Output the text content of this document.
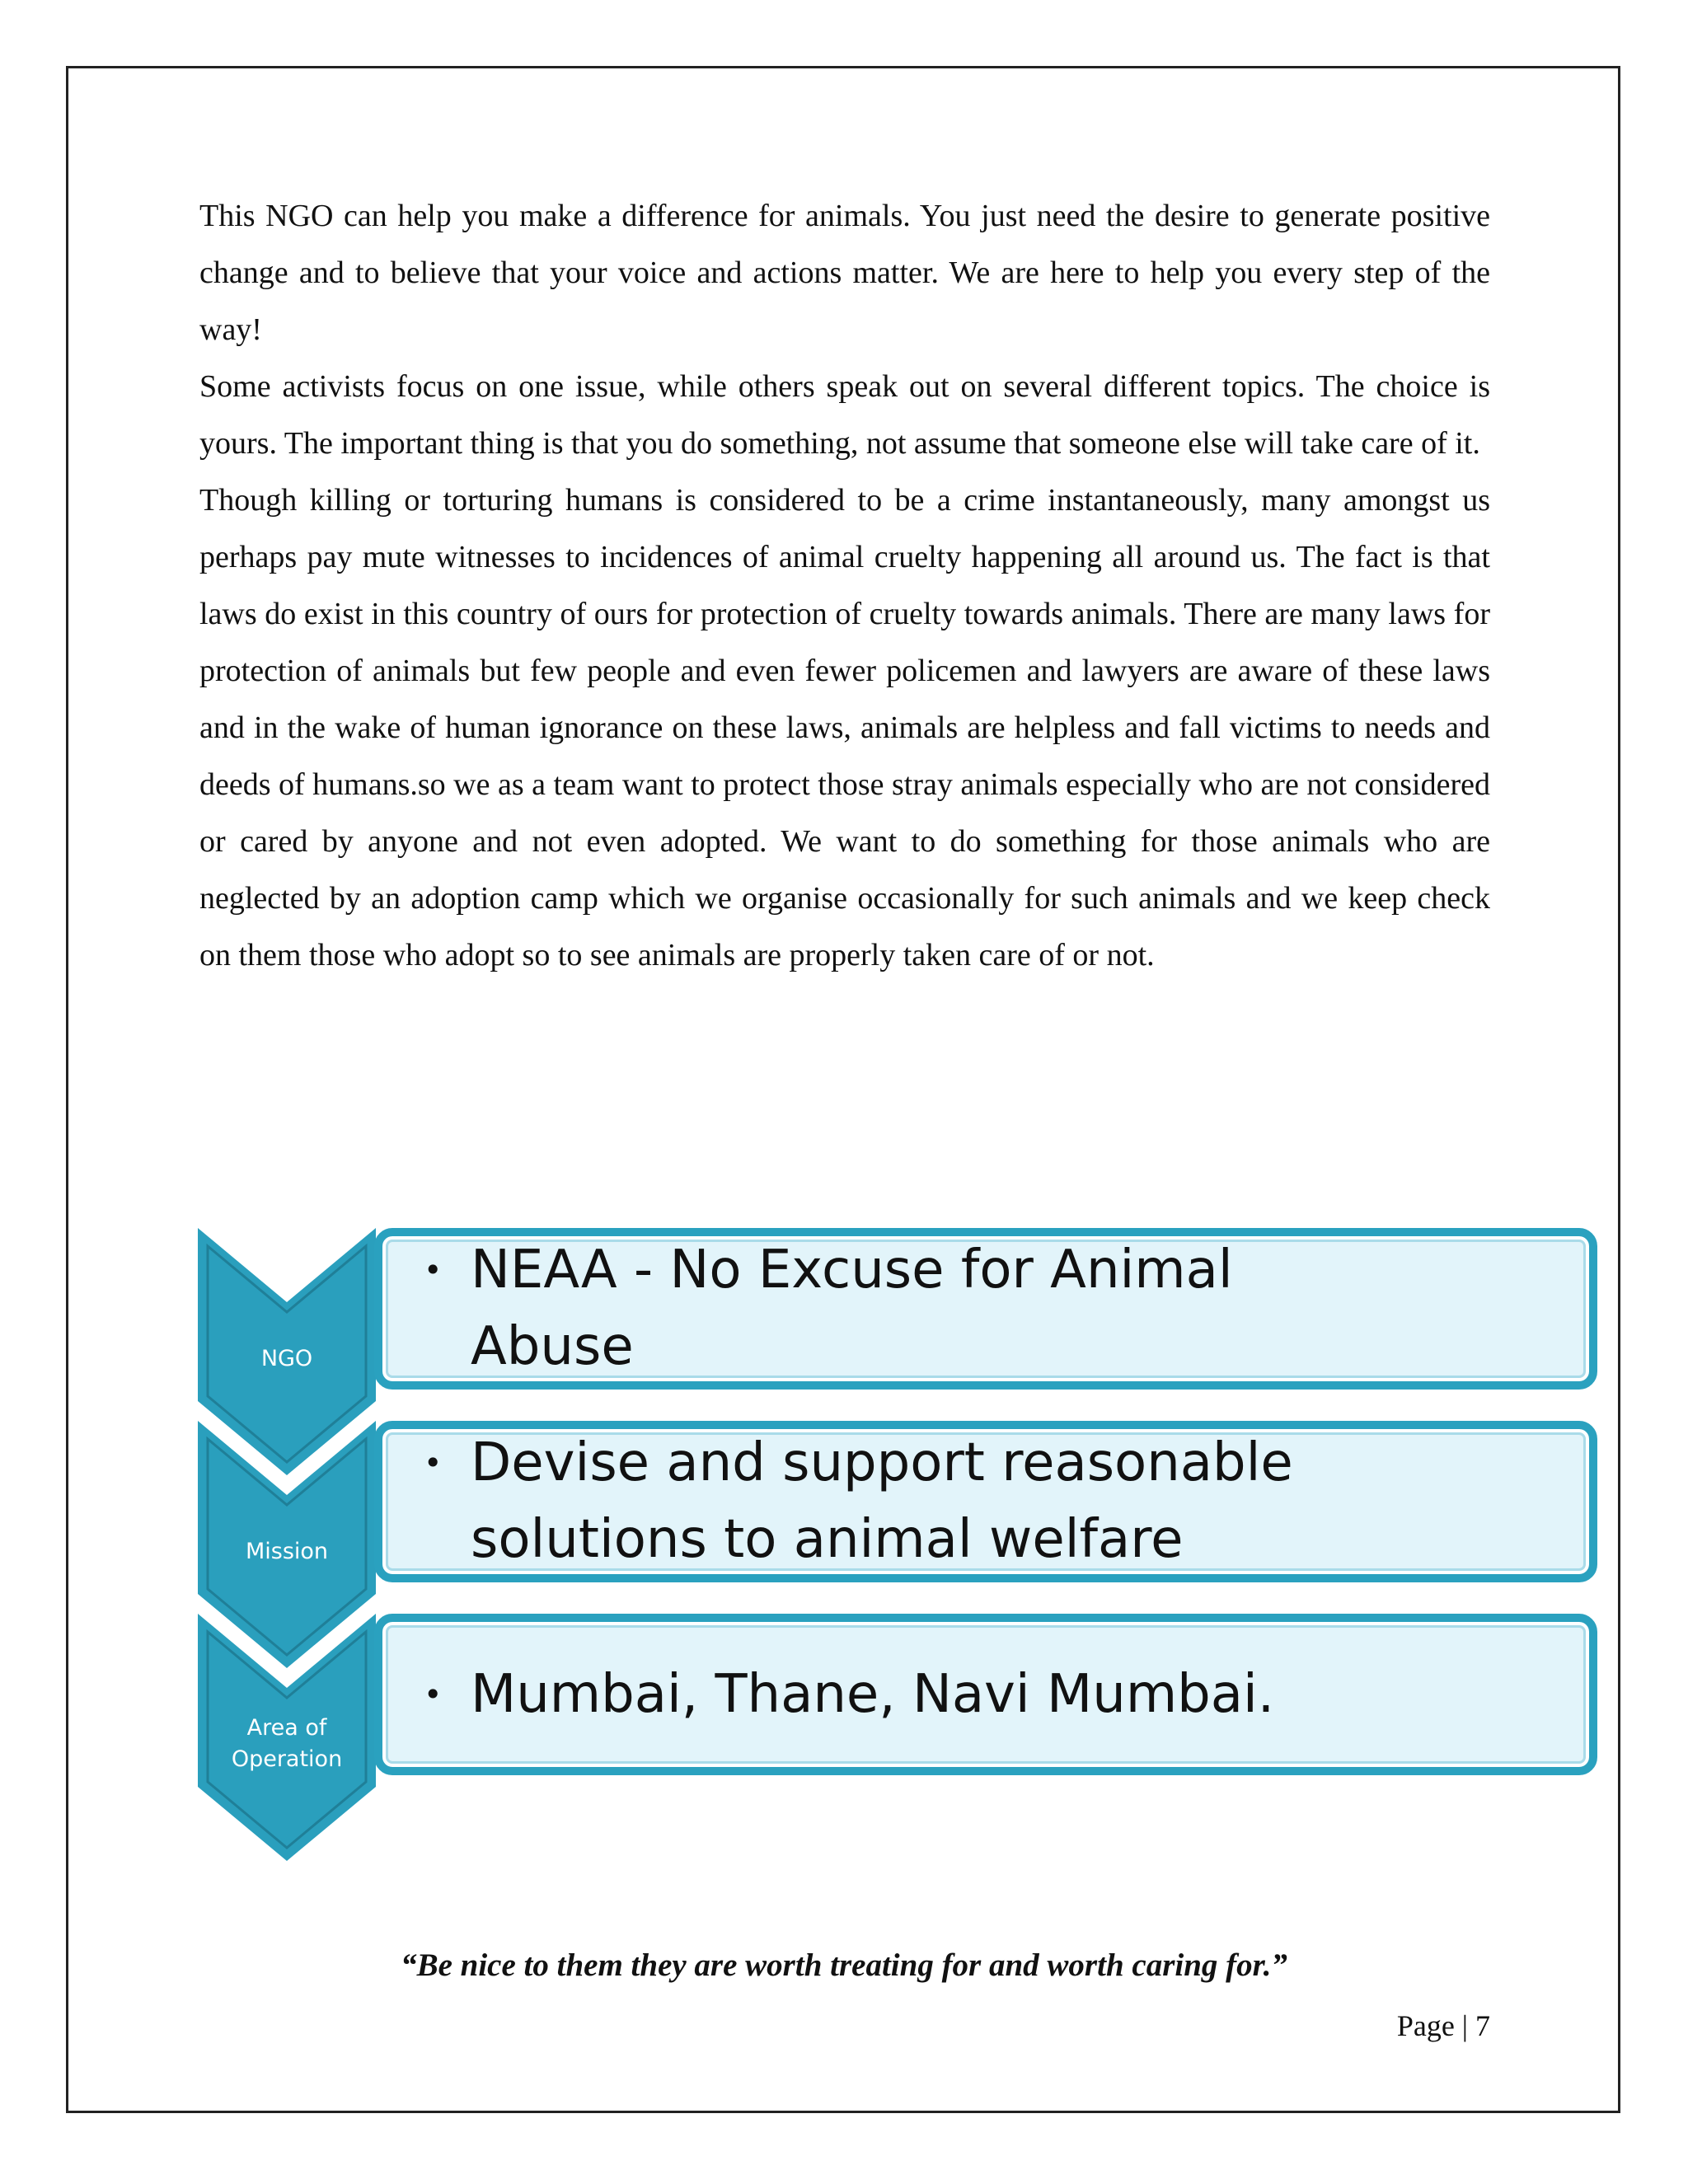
This NGO can help you make a difference for animals. You just need the desire to generate positive change and to believe that your voice and actions matter. We are here to help you every step of the way!

Some activists focus on one issue, while others speak out on several different topics. The choice is yours. The important thing is that you do something, not assume that someone else will take care of it.

Though killing or torturing humans is considered to be a crime instantaneously, many amongst us perhaps pay mute witnesses to incidences of animal cruelty happening all around us. The fact is that laws do exist in this country of ours for protection of cruelty towards animals. There are many laws for protection of animals but few people and even fewer policemen and lawyers are aware of these laws and in the wake of human ignorance on these laws, animals are helpless and fall victims to needs and deeds of humans.so we as a team want to protect those stray animals especially who are not considered or cared by anyone and not even adopted. We want to do something for those animals who are neglected by an adoption camp which we organise occasionally for such animals and we keep check on them those who adopt so to see animals are properly taken care of or not.

NGO
• NEAA - No Excuse for Animal Abuse
Mission
• Devise and support reasonable solutions to animal welfare
Area of
Operation
• Mumbai, Thane, Navi Mumbai.
“Be nice to them they are worth treating for and worth caring for.”
Page | 7
